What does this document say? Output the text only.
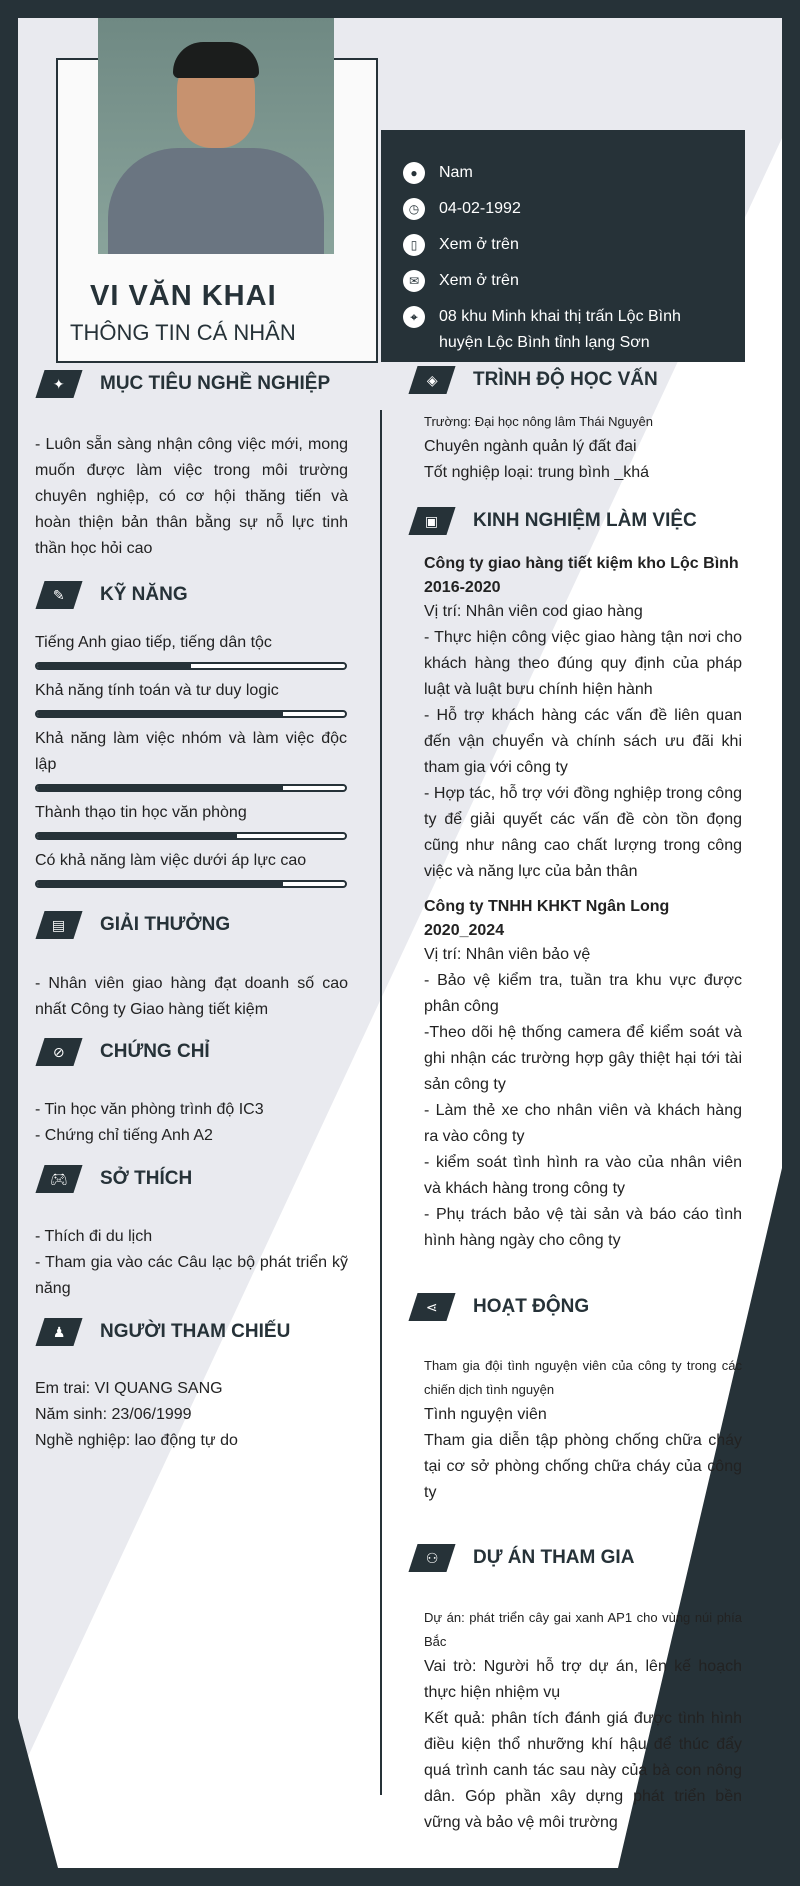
VI VĂN KHAI
THÔNG TIN CÁ NHÂN
●	Nam
◷	04-02-1992
▯	Xem ở trên
✉	Xem ở trên
⌖	08 khu Minh khai thị trấn Lộc Bình huyện Lộc Bình tỉnh lạng Sơn
✦ MỤC TIÊU NGHỀ NGHIỆP
- Luôn sẵn sàng nhận công việc mới, mong muốn được làm việc trong môi trường chuyên nghiệp, có cơ hội thăng tiến và hoàn thiện bản thân bằng sự nỗ lực tinh thần học hỏi cao
✎ KỸ NĂNG
Tiếng Anh giao tiếp, tiếng dân tộc
Khả năng tính toán và tư duy logic
Khả năng làm việc nhóm và làm việc độc lập
Thành thạo tin học văn phòng
Có khả năng làm việc dưới áp lực cao
▤ GIẢI THƯỞNG
- Nhân viên giao hàng đạt doanh số cao nhất Công ty Giao hàng tiết kiệm
⊘ CHỨNG CHỈ
- Tin học văn phòng trình độ IC3
- Chứng chỉ tiếng Anh A2
🎮︎ SỞ THÍCH
- Thích đi du lịch
- Tham gia vào các Câu lạc bộ phát triển kỹ năng
♟ NGƯỜI THAM CHIẾU
Em trai: VI QUANG SANG
Năm sinh: 23/06/1999
Nghề nghiệp: lao động tự do
◈ TRÌNH ĐỘ HỌC VẤN
Trường: Đại học nông lâm Thái Nguyên
Chuyên ngành quản lý đất đai
Tốt nghiệp loại: trung bình _khá
▣ KINH NGHIỆM LÀM VIỆC
Công ty giao hàng tiết kiệm kho Lộc Bình
2016-2020
Vị trí: Nhân viên cod giao hàng
- Thực hiện công việc giao hàng tận nơi cho khách hàng theo đúng quy định của pháp luật và luật bưu chính hiện hành
- Hỗ trợ khách hàng các vấn đề liên quan đến vận chuyển và chính sách ưu đãi khi tham gia với công ty
- Hợp tác, hỗ trợ với đồng nghiệp trong công ty để giải quyết các vấn đề còn tồn đọng cũng như nâng cao chất lượng trong công việc và năng lực của bản thân
Công ty TNHH KHKT Ngân Long
2020_2024
Vị trí: Nhân viên bảo vệ
- Bảo vệ kiểm tra, tuần tra khu vực được phân công
-Theo dõi hệ thống camera để kiểm soát và ghi nhận các trường hợp gây thiệt hại tới tài sản công ty
- Làm thẻ xe cho nhân viên và khách hàng ra vào công ty
- kiểm soát tình hình ra vào của nhân viên và khách hàng trong công ty
- Phụ trách bảo vệ tài sản và báo cáo tình hình hàng ngày cho công ty
⋖ HOẠT ĐỘNG
Tham gia đội tình nguyện viên của công ty trong các chiến dịch tình nguyện
Tình nguyện viên
Tham gia diễn tập phòng chống chữa cháy tại cơ sở phòng chống chữa cháy của công ty
⚇ DỰ ÁN THAM GIA
Dự án: phát triển cây gai xanh AP1 cho vùng núi phía Bắc
Vai trò: Người hỗ trợ dự án, lên kế hoạch thực hiện nhiệm vụ
Kết quả: phân tích đánh giá được tình hình điều kiện thổ nhưỡng khí hậu để thúc đẩy quá trình canh tác sau này của bà con nông dân. Góp phần xây dựng phát triển bền vững và bảo vệ môi trường
